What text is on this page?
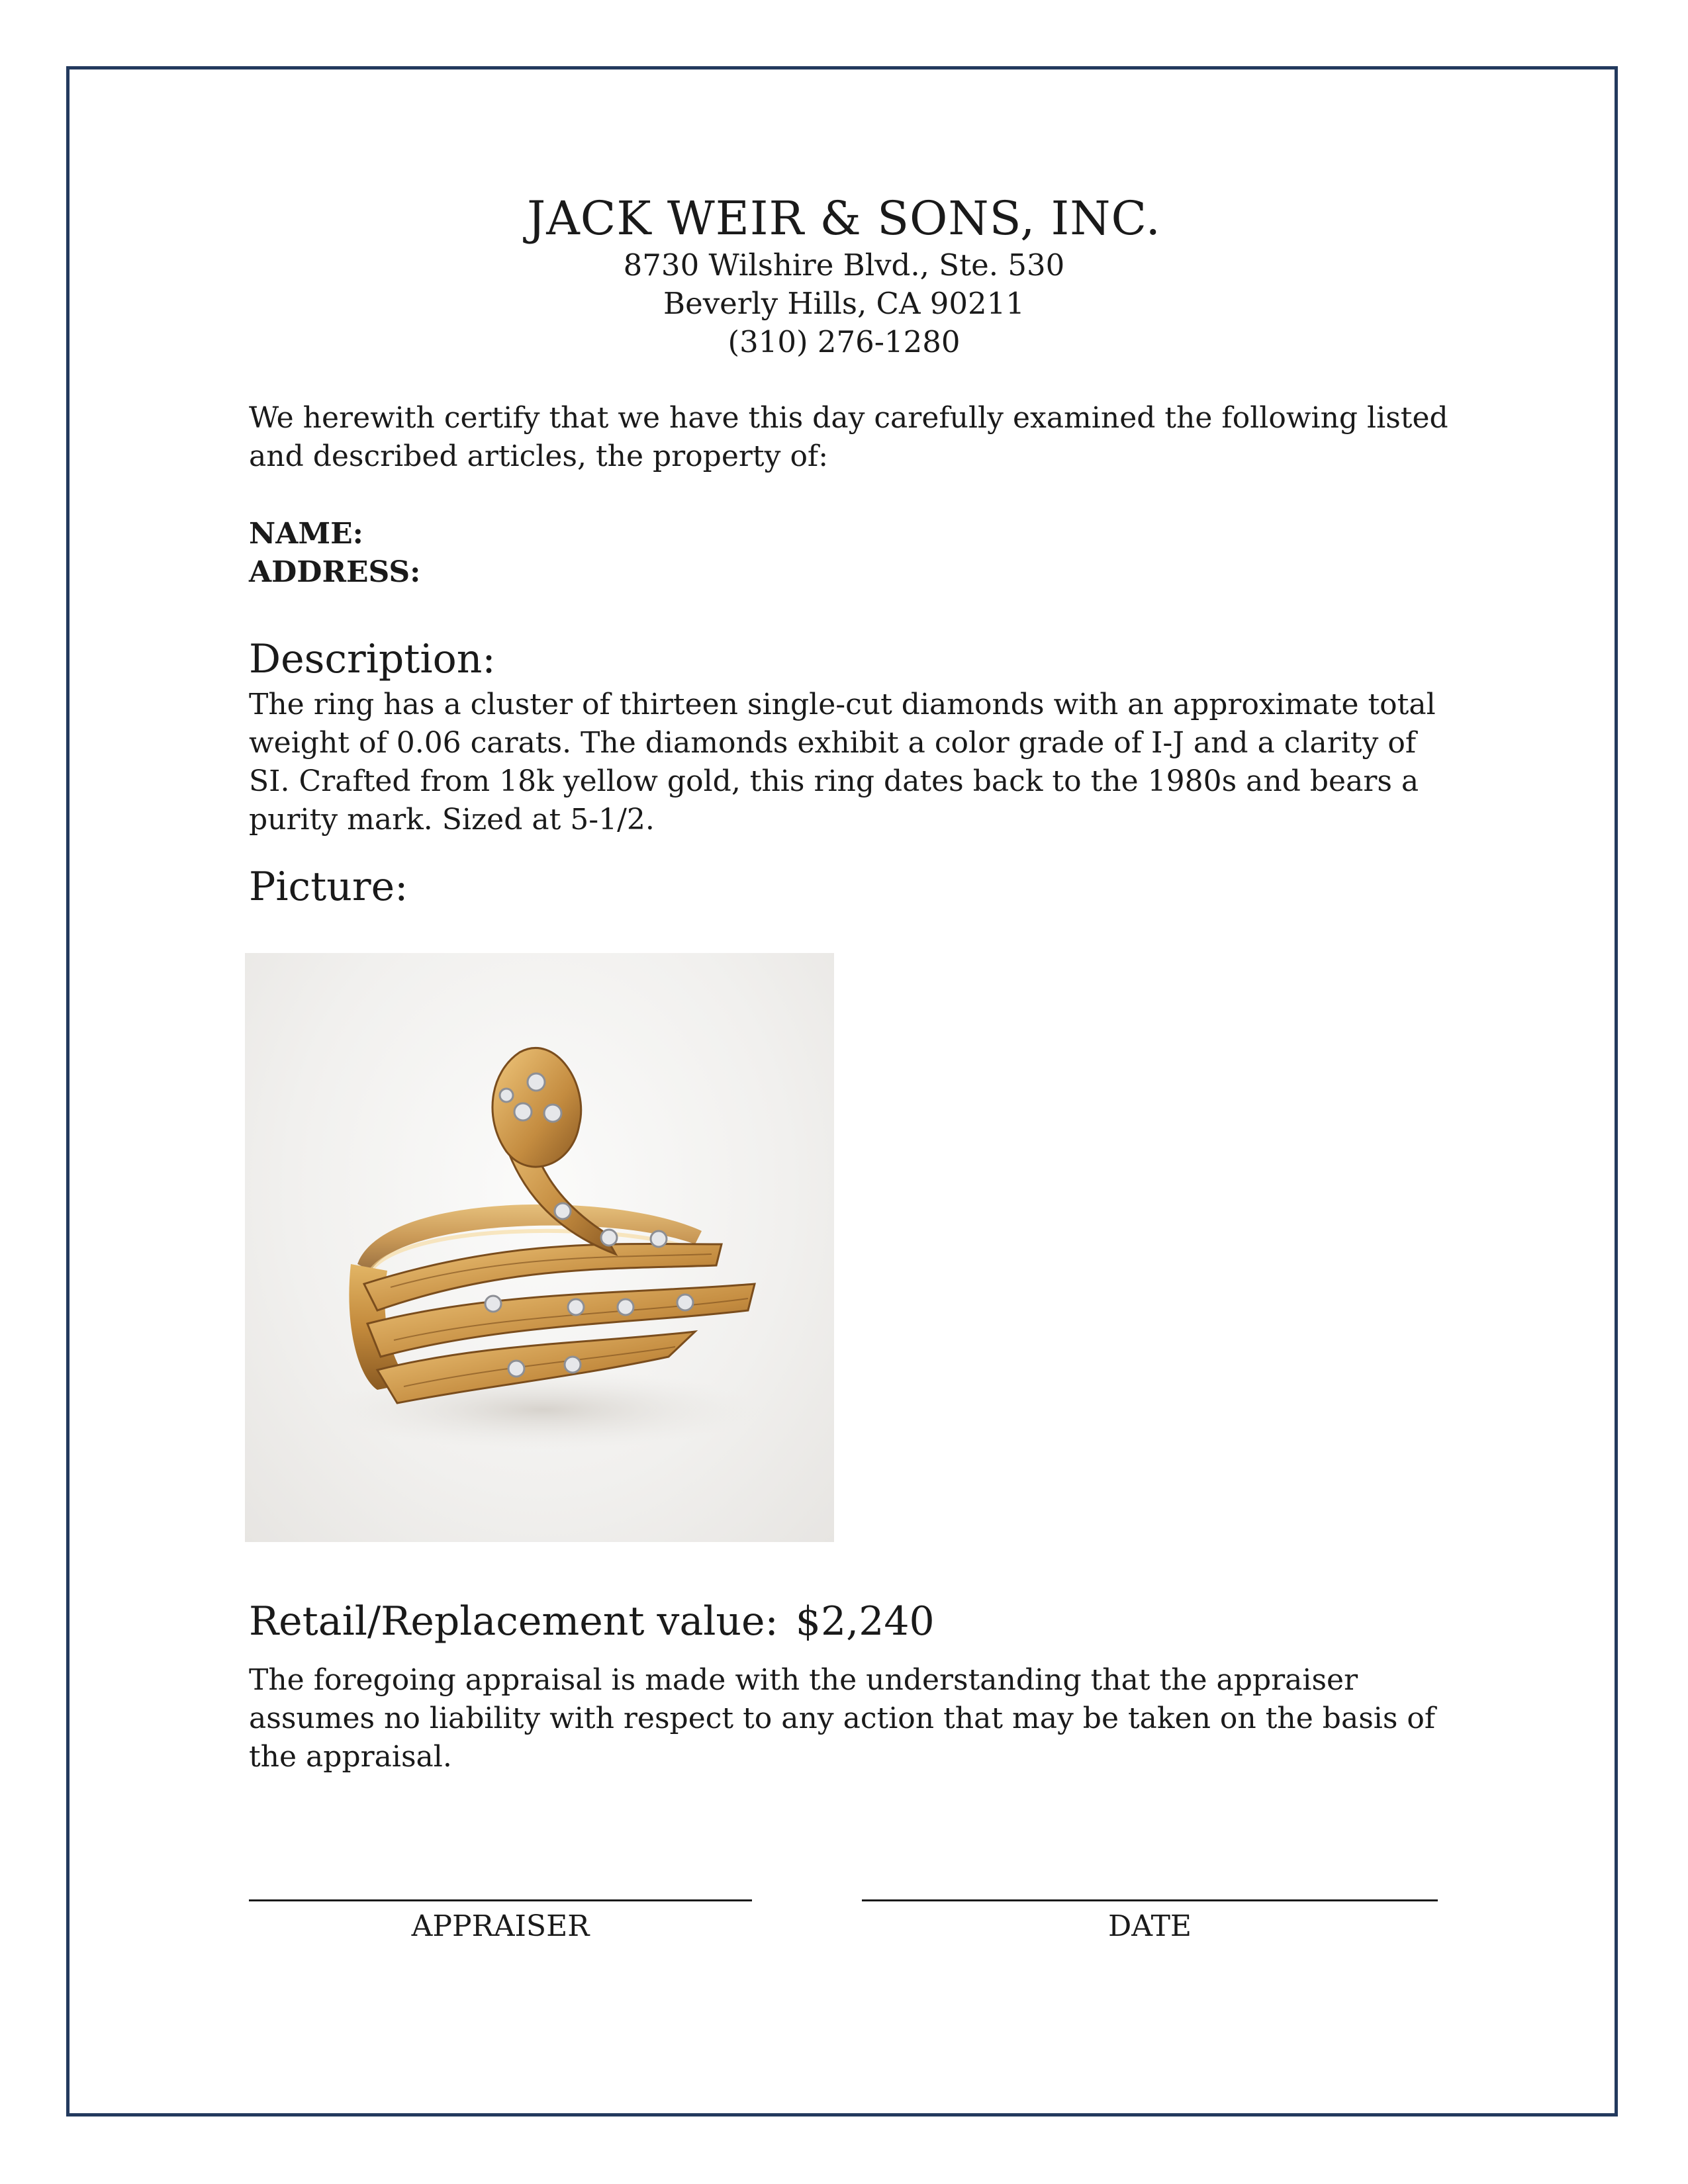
JACK WEIR & SONS, INC.
8730 Wilshire Blvd., Ste. 530
Beverly Hills, CA 90211
(310) 276-1280
We herewith certify that we have this day carefully examined the following listed and described articles, the property of:
NAME:
ADDRESS:
Description:
The ring has a cluster of thirteen single-cut diamonds with an approximate total weight of 0.06 carats. The diamonds exhibit a color grade of I-J and a clarity of SI. Crafted from 18k yellow gold, this ring dates back to the 1980s and bears a purity mark. Sized at 5-1/2.
Picture:
Retail/Replacement value: $2,240
The foregoing appraisal is made with the understanding that the appraiser assumes no liability with respect to any action that may be taken on the basis of the appraisal.
APPRAISER	DATE
